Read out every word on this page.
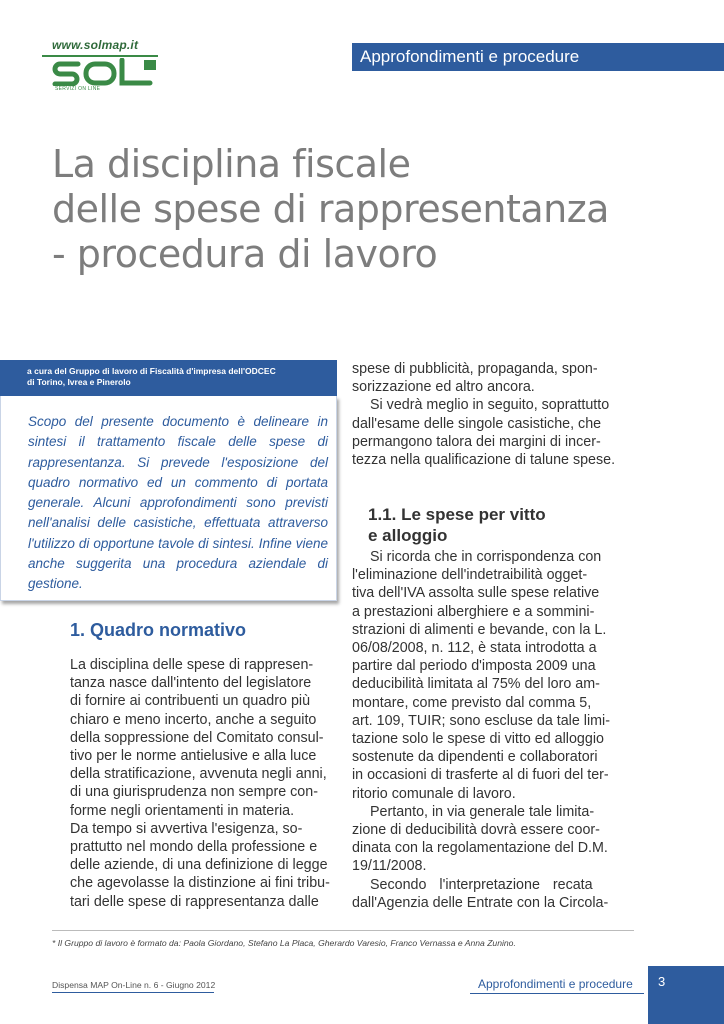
www.solmap.it
SERVIZI ON LINE
Approfondimenti e procedure
La disciplina fiscale
delle spese di rappresentanza
- procedura di lavoro
a cura del Gruppo di lavoro di Fiscalità d'impresa dell'ODCEC
di Torino, Ivrea e Pinerolo

Scopo del presente documento è delineare in sintesi il trattamento fiscale delle spese di rappresentanza. Si prevede l'esposizione del quadro normativo ed un commento di portata generale. Alcuni approfondimenti sono previsti nell'analisi delle casistiche, effettuata attraverso l'utilizzo di opportune tavole di sintesi. Infine viene anche suggerita una procedura aziendale di gestione.

1. Quadro normativo

La disciplina delle spese di rappresen-
tanza nasce dall'intento del legislatore
di fornire ai contribuenti un quadro più
chiaro e meno incerto, anche a seguito
della soppressione del Comitato consul-
tivo per le norme antielusive e alla luce
della stratificazione, avvenuta negli anni,
di una giurisprudenza non sempre con-
forme negli orientamenti in materia.

Da tempo si avvertiva l'esigenza, so-
prattutto nel mondo della professione e
delle aziende, di una definizione di legge
che agevolasse la distinzione ai fini tribu-
tari delle spese di rappresentanza dalle

spese di pubblicità, propaganda, spon-
sorizzazione ed altro ancora.

Si vedrà meglio in seguito, soprattutto
dall'esame delle singole casistiche, che
permangono talora dei margini di incer-
tezza nella qualificazione di talune spese.

1.1. Le spese per vitto
e alloggio

Si ricorda che in corrispondenza con
l'eliminazione dell'indetraibilità ogget-
tiva dell'IVA assolta sulle spese relative
a prestazioni alberghiere e a sommini-
strazioni di alimenti e bevande, con la L.
06/08/2008, n. 112, è stata introdotta a
partire dal periodo d'imposta 2009 una
deducibilità limitata al 75% del loro am-
montare, come previsto dal comma 5,
art. 109, TUIR; sono escluse da tale limi-
tazione solo le spese di vitto ed alloggio
sostenute da dipendenti e collaboratori
in occasioni di trasferte al di fuori del ter-
ritorio comunale di lavoro.

Pertanto, in via generale tale limita-
zione di deducibilità dovrà essere coor-
dinata con la regolamentazione del D.M.
19/11/2008.

Secondo l'interpretazione recata
dall'Agenzia delle Entrate con la Circola-

* Il Gruppo di lavoro è formato da: Paola Giordano, Stefano La Placa, Gherardo Varesio, Franco Vernassa e Anna Zunino.
Dispensa MAP On-Line n. 6 - Giugno 2012	Approfondimenti e procedure	3
